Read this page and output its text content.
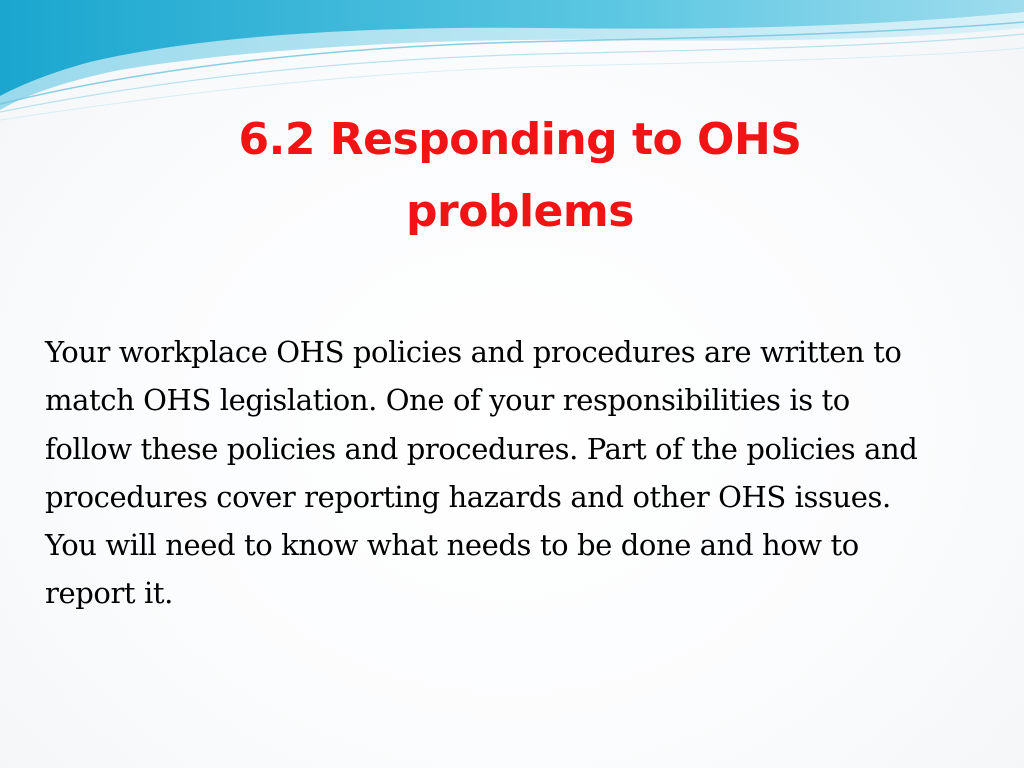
6.2 Responding to OHS problems

Your workplace OHS policies and procedures are written to match OHS legislation. One of your responsibilities is to follow these policies and procedures. Part of the policies and procedures cover reporting hazards and other OHS issues. You will need to know what needs to be done and how to report it.
